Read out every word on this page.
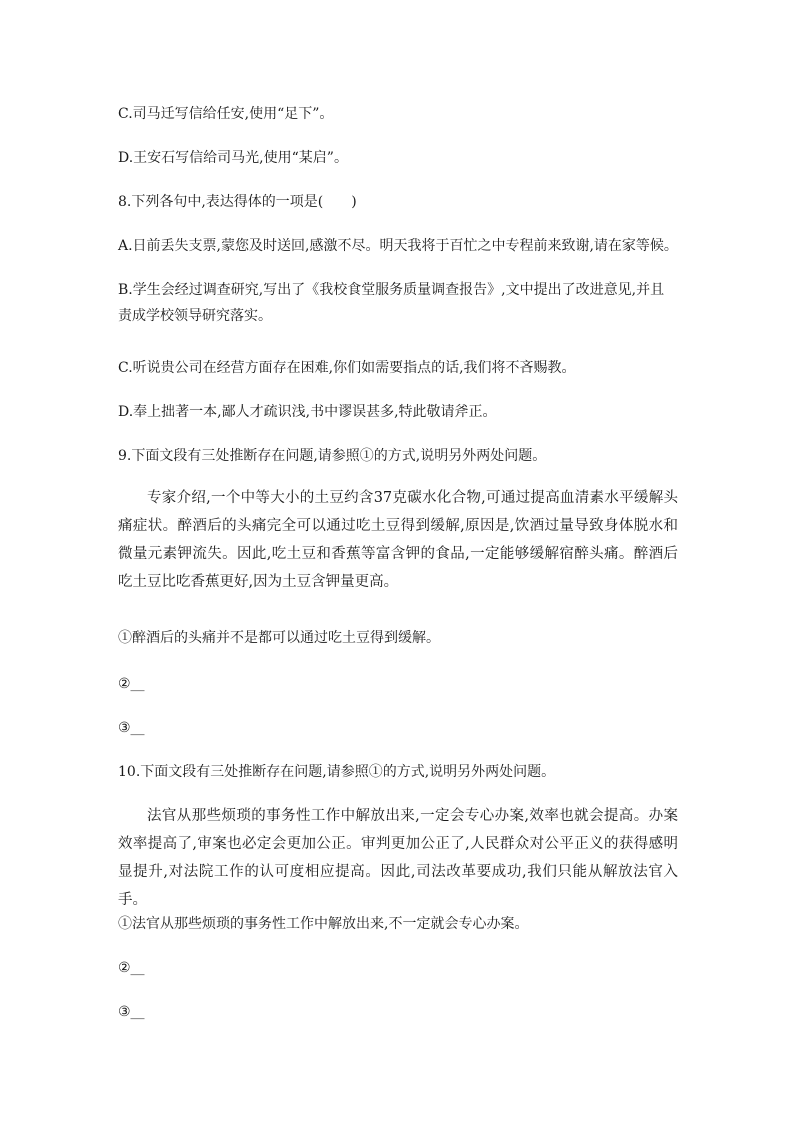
C.司马迁写信给任安,使用“足下”。
D.王安石写信给司马光,使用“某启”。
8.下列各句中,表达得体的一项是(　　)
A.日前丢失支票,蒙您及时送回,感激不尽。明天我将于百忙之中专程前来致谢,请在家等候。
B.学生会经过调查研究,写出了《我校食堂服务质量调查报告》,文中提出了改进意见,并且责成学校领导研究落实。
C.听说贵公司在经营方面存在困难,你们如需要指点的话,我们将不吝赐教。
D.奉上拙著一本,鄙人才疏识浅,书中谬误甚多,特此敬请斧正。
9.下面文段有三处推断存在问题,请参照①的方式,说明另外两处问题。
专家介绍,一个中等大小的土豆约含37克碳水化合物,可通过提高血清素水平缓解头痛症状。醉酒后的头痛完全可以通过吃土豆得到缓解,原因是,饮酒过量导致身体脱水和微量元素钾流失。因此,吃土豆和香蕉等富含钾的食品,一定能够缓解宿醉头痛。醉酒后吃土豆比吃香蕉更好,因为土豆含钾量更高。
①醉酒后的头痛并不是都可以通过吃土豆得到缓解。
②__
③__
10.下面文段有三处推断存在问题,请参照①的方式,说明另外两处问题。
法官从那些烦琐的事务性工作中解放出来,一定会专心办案,效率也就会提高。办案效率提高了,审案也必定会更加公正。审判更加公正了,人民群众对公平正义的获得感明显提升,对法院工作的认可度相应提高。因此,司法改革要成功,我们只能从解放法官入手。
①法官从那些烦琐的事务性工作中解放出来,不一定就会专心办案。
②__
③__
